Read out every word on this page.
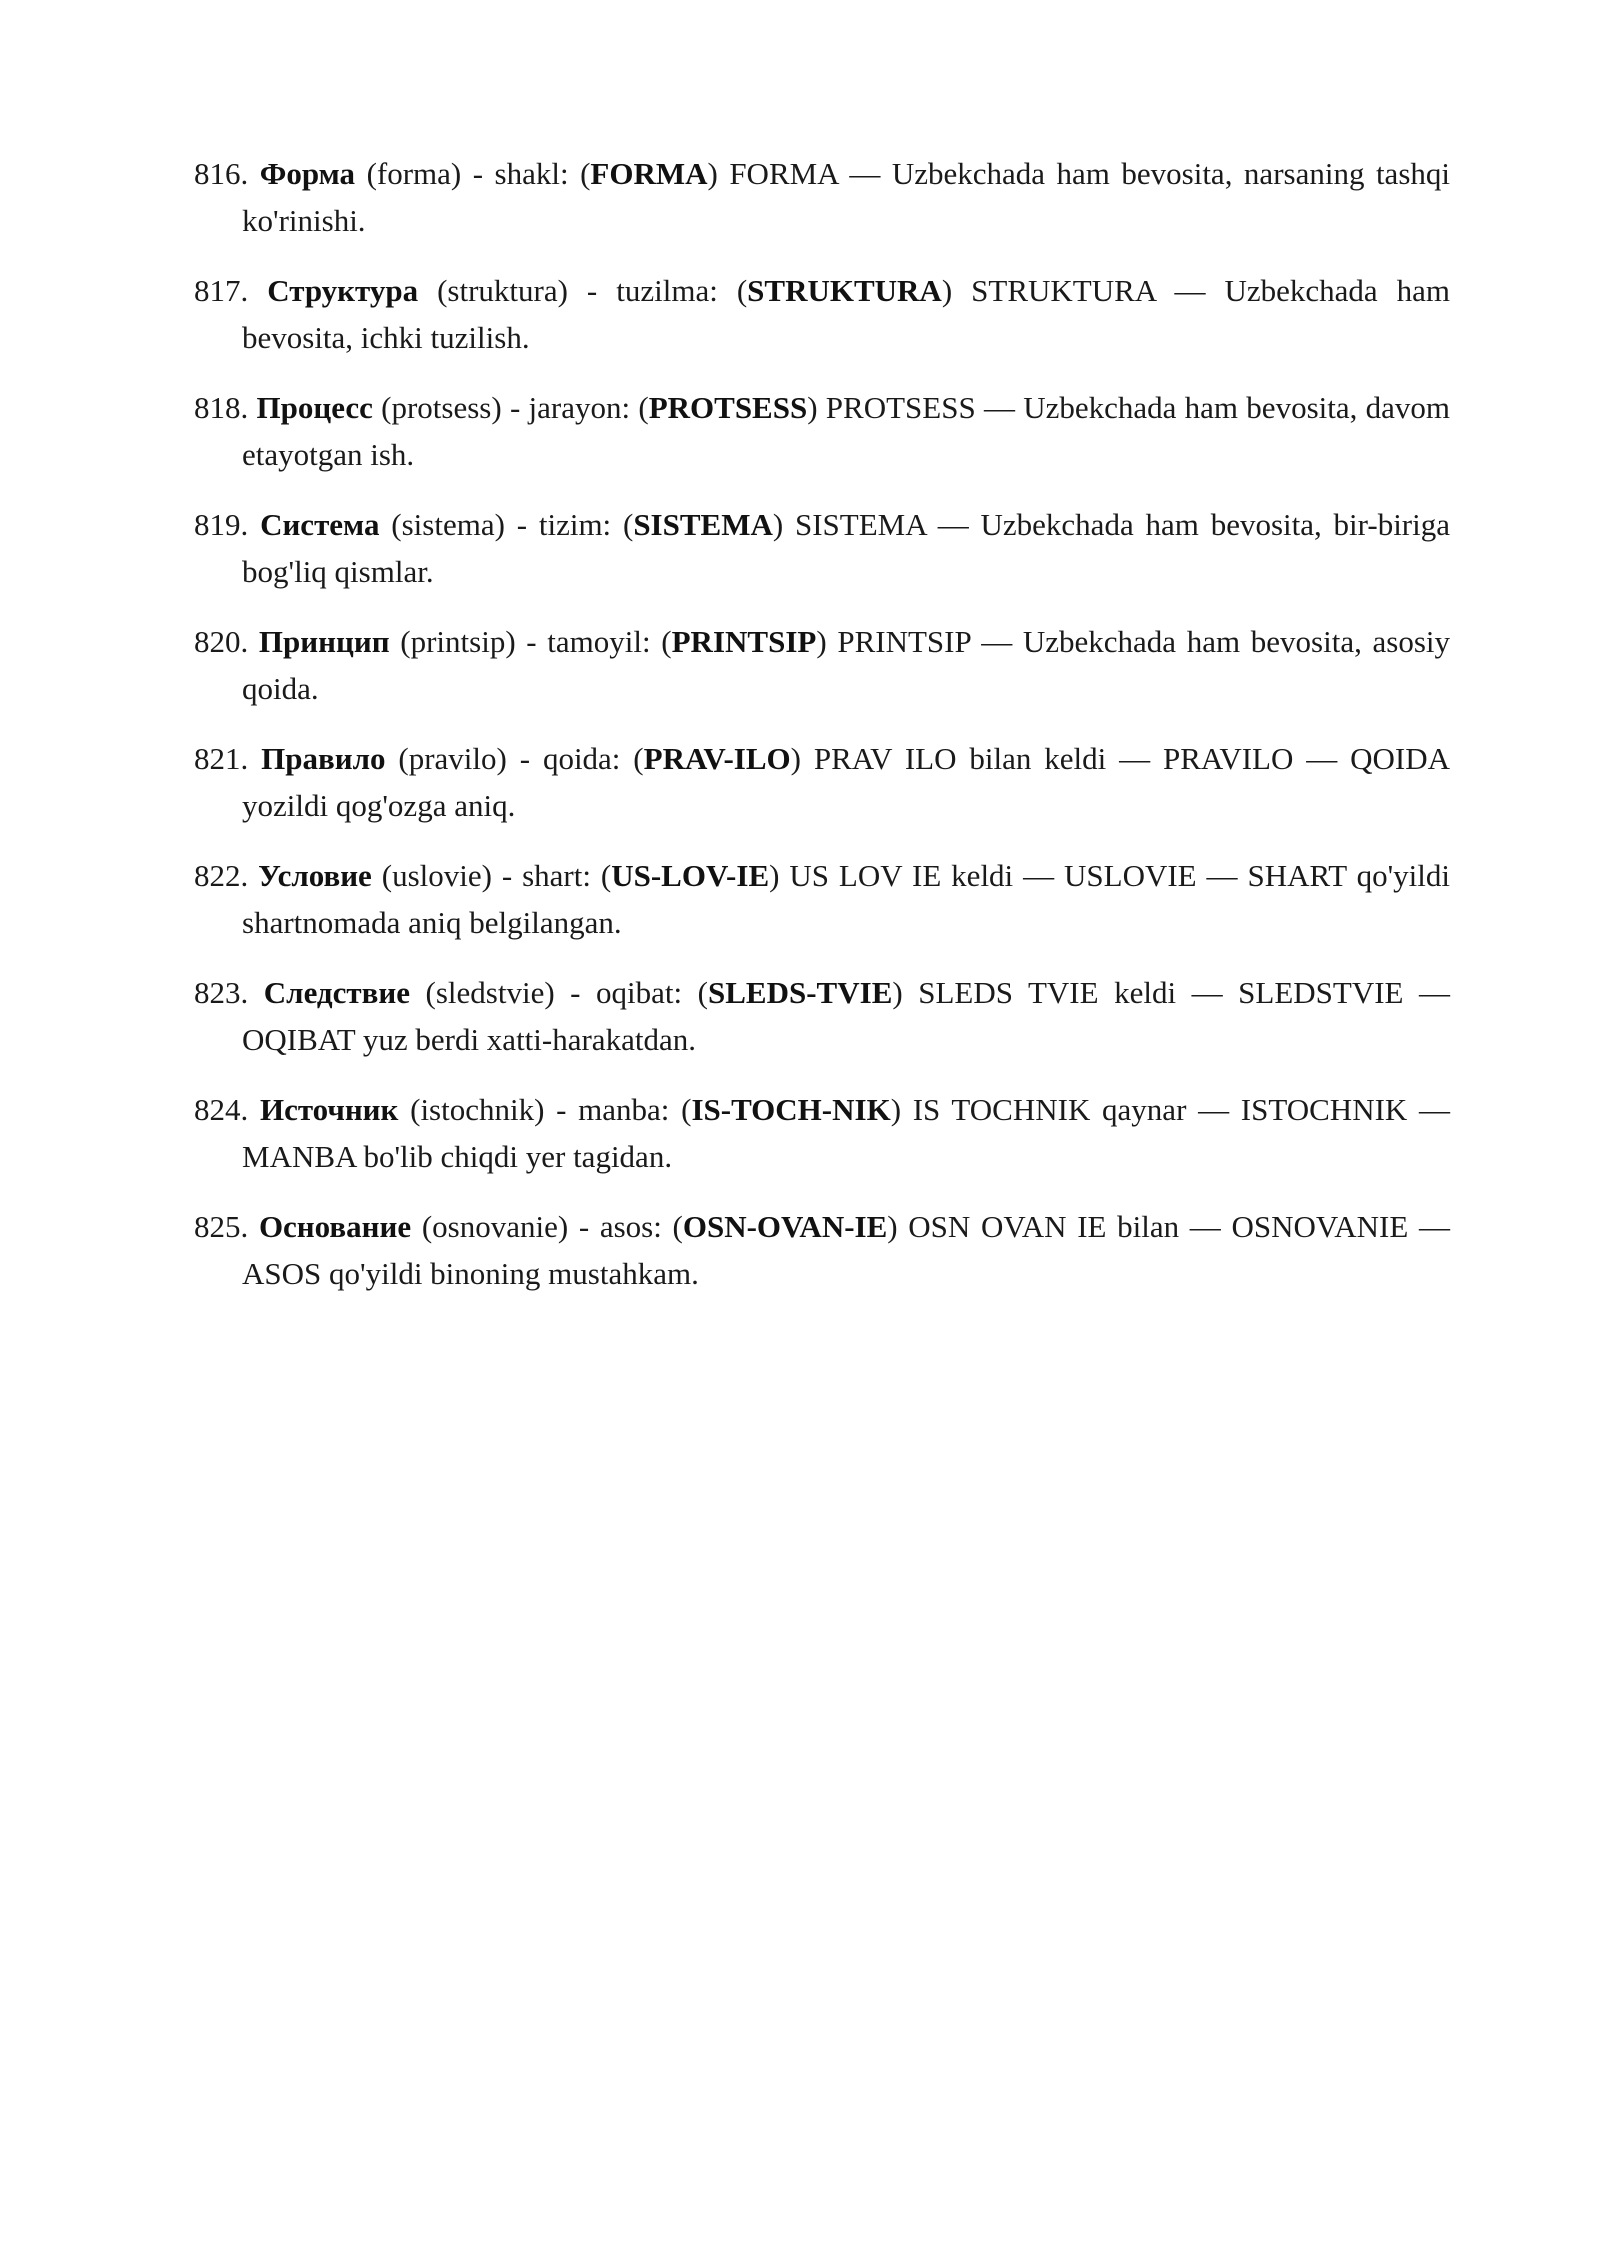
816. Форма (forma) - shakl: (FORMA) FORMA — Uzbekchada ham bevosita, narsaning tashqi ko'rinishi.
817. Структура (struktura) - tuzilma: (STRUKTURA) STRUKTURA — Uzbekchada ham bevosita, ichki tuzilish.
818. Процесс (protsess) - jarayon: (PROTSESS) PROTSESS — Uzbekchada ham bevosita, davom etayotgan ish.
819. Система (sistema) - tizim: (SISTEMA) SISTEMA — Uzbekchada ham bevosita, bir-biriga bog'liq qismlar.
820. Принцип (printsip) - tamoyil: (PRINTSIP) PRINTSIP — Uzbekchada ham bevosita, asosiy qoida.
821. Правило (pravilo) - qoida: (PRAV-ILO) PRAV ILO bilan keldi — PRAVILO — QOIDA yozildi qog'ozga aniq.
822. Условие (uslovie) - shart: (US-LOV-IE) US LOV IE keldi — USLOVIE — SHART qo'yildi shartnomada aniq belgilangan.
823. Следствие (sledstvie) - oqibat: (SLEDS-TVIE) SLEDS TVIE keldi — SLEDSTVIE — OQIBAT yuz berdi xatti-harakatdan.
824. Источник (istochnik) - manba: (IS-TOCH-NIK) IS TOCHNIK qaynar — ISTOCHNIK — MANBA bo'lib chiqdi yer tagidan.
825. Основание (osnovanie) - asos: (OSN-OVAN-IE) OSN OVAN IE bilan — OSNOVANIE — ASOS qo'yildi binoning mustahkam.
